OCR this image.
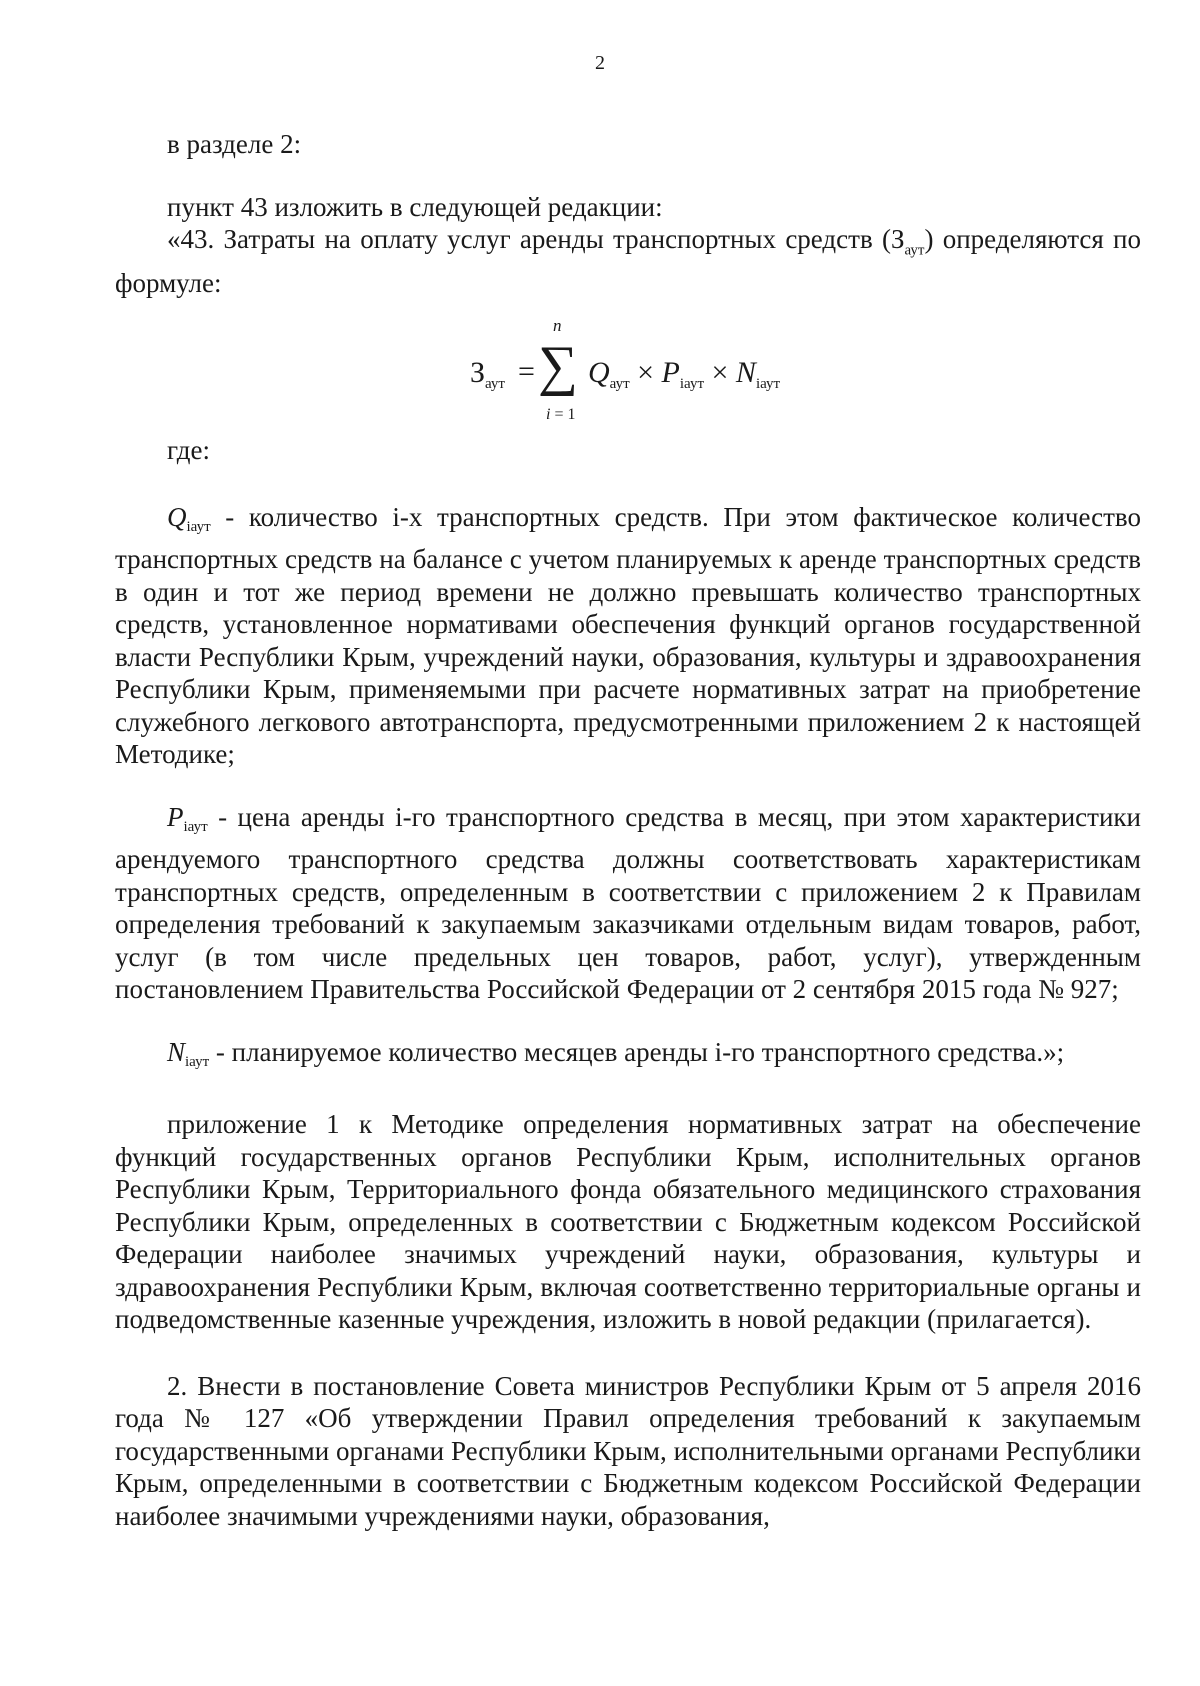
2

в разделе 2:

пункт 43 изложить в следующей редакции:

«43. Затраты на оплату услуг аренды транспортных средств $(З_{аут})$ определяются по формуле:

$З_{аут}$ = ∑
n
i = 1
$Q_{аут} \times P_{iаут} \times N_{iаут}$

где:

$Q_{iаут}$ - количество i-х транспортных средств. При этом фактическое количество транспортных средств на балансе с учетом планируемых к аренде транспортных средств в один и тот же период времени не должно превышать количество транспортных средств, установленное нормативами обеспечения функций органов государственной власти Республики Крым, учреждений науки, образования, культуры и здравоохранения Республики Крым, применяемыми при расчете нормативных затрат на приобретение служебного легкового автотранспорта, предусмотренными приложением 2 к настоящей Методике;

$P_{iаут}$ - цена аренды i-го транспортного средства в месяц, при этом характеристики арендуемого транспортного средства должны соответствовать характеристикам транспортных средств, определенным в соответствии с приложением 2 к Правилам определения требований к закупаемым заказчиками отдельным видам товаров, работ, услуг (в том числе предельных цен товаров, работ, услуг), утвержденным постановлением Правительства Российской Федерации от 2 сентября 2015 года № 927;

$N_{iаут}$ - планируемое количество месяцев аренды i-го транспортного средства.»;

приложение 1 к Методике определения нормативных затрат на обеспечение функций государственных органов Республики Крым, исполнительных органов Республики Крым, Территориального фонда обязательного медицинского страхования Республики Крым, определенных в соответствии с Бюджетным кодексом Российской Федерации наиболее значимых учреждений науки, образования, культуры и здравоохранения Республики Крым, включая соответственно территориальные органы и подведомственные казенные учреждения, изложить в новой редакции (прилагается).

2. Внести в постановление Совета министров Республики Крым от 5 апреля 2016 года № 127 «Об утверждении Правил определения требований к закупаемым государственными органами Республики Крым, исполнительными органами Республики Крым, определенными в соответствии с Бюджетным кодексом Российской Федерации наиболее значимыми учреждениями науки, образования,
